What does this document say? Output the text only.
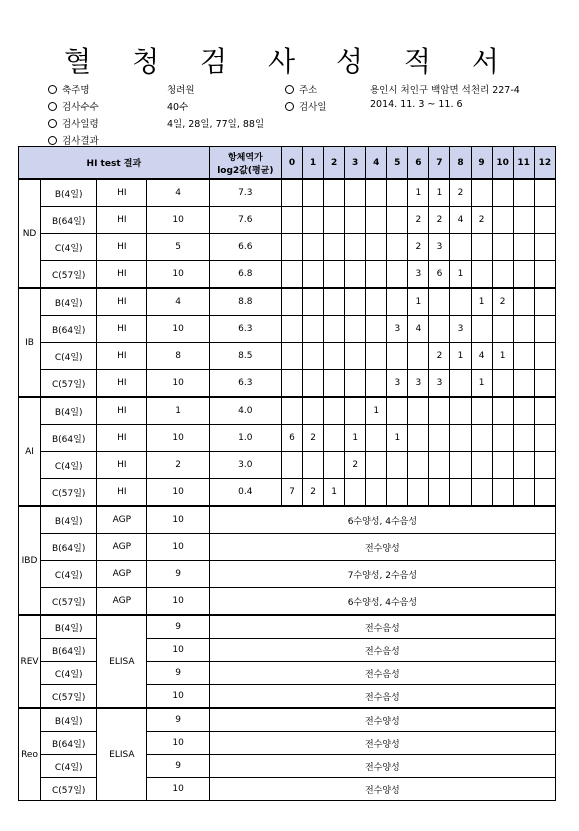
혈 청 검 사 성 적 서
축주명	청려원
검사수수	40수
검사일령	4일, 28일, 77일, 88일
검사결과
주소	용인시 처인구 백암면 석천리 227-4
검사일	2014. 11. 3 ~ 11. 6
HI test 결과				항체역가
log2값(평균)	0	1	2	3	4	5	6	7	8	9	10	11	12
ND	B(4일)	HI	4	7.3							1	1	2				
	B(64일)	HI	10	7.6							2	2	4	2			
	C(4일)	HI	5	6.6							2	3					
	C(57일)	HI	10	6.8							3	6	1				
IB	B(4일)	HI	4	8.8							1			1	2		
	B(64일)	HI	10	6.3						3	4		3				
	C(4일)	HI	8	8.5								2	1	4	1		
	C(57일)	HI	10	6.3						3	3	3		1			
AI	B(4일)	HI	1	4.0					1								
	B(64일)	HI	10	1.0	6	2		1		1							
	C(4일)	HI	2	3.0				2									
	C(57일)	HI	10	0.4	7	2	1										
IBD	B(4일)	AGP	10	6수양성, 4수음성													
	B(64일)	AGP	10	전수양성													
	C(4일)	AGP	9	7수양성, 2수음성													
	C(57일)	AGP	10	6수양성, 4수음성													
REV	B(4일)	ELISA	9	전수음성													
	B(64일)		10	전수음성													
	C(4일)		9	전수음성													
	C(57일)		10	전수음성													
Reo	B(4일)	ELISA	9	전수양성													
	B(64일)		10	전수양성													
	C(4일)		9	전수양성													
	C(57일)		10	전수양성													
